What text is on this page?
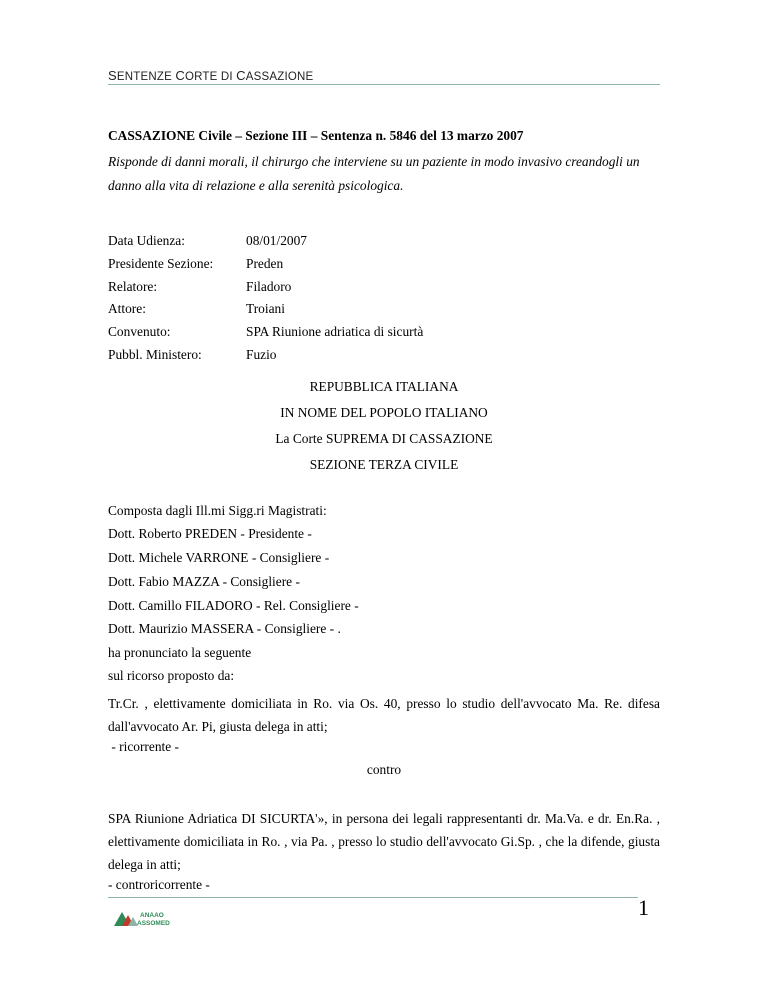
SENTENZE CORTE DI CASSAZIONE
CASSAZIONE Civile – Sezione III – Sentenza n. 5846 del 13 marzo 2007
Risponde di danni morali, il chirurgo che interviene su un paziente in modo invasivo creandogli un danno alla vita di relazione e alla serenità psicologica.
Data Udienza:	08/01/2007
Presidente Sezione:	Preden
Relatore:	Filadoro
Attore:	Troiani
Convenuto:	SPA Riunione adriatica di sicurtà
Pubbl. Ministero:	Fuzio
REPUBBLICA ITALIANA
IN NOME DEL POPOLO ITALIANO
La Corte SUPREMA DI CASSAZIONE
SEZIONE TERZA CIVILE
Composta dagli Ill.mi Sigg.ri Magistrati:
Dott. Roberto PREDEN - Presidente -
Dott. Michele VARRONE - Consigliere -
Dott. Fabio MAZZA - Consigliere -
Dott. Camillo FILADORO - Rel. Consigliere -
Dott. Maurizio MASSERA - Consigliere - .
ha pronunciato la seguente
sul ricorso proposto da:
Tr.Cr. , elettivamente domiciliata in Ro. via Os. 40, presso lo studio dell'avvocato Ma. Re. difesa dall'avvocato Ar. Pi, giusta delega in atti;
- ricorrente -
contro
SPA Riunione Adriatica DI SICURTA'», in persona dei legali rappresentanti dr. Ma.Va. e dr. En.Ra. , elettivamente domiciliata in Ro. , via Pa. , presso lo studio dell'avvocato Gi.Sp. , che la difende, giusta delega in atti;
- controricorrente -
ANAAO
ASSOMED
1
